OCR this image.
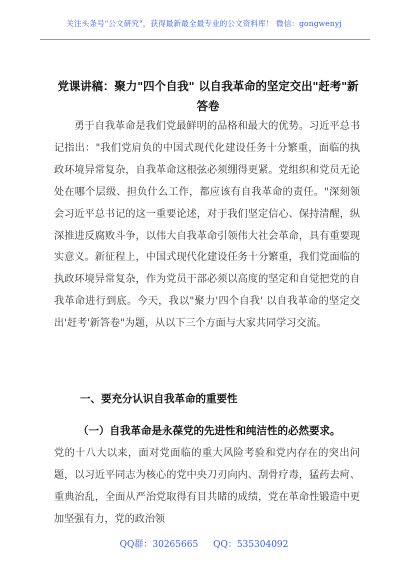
关注头条号"公文研究"，获得最新最全最专业的公文资料库！ 微信：gongwenyj
党课讲稿：聚力"四个自我" 以自我革命的坚定交出"赶考"新答卷

勇于自我革命是我们党最鲜明的品格和最大的优势。习近平总书记指出："我们党肩负的中国式现代化建设任务十分繁重，面临的执政环境异常复杂，自我革命这根弦必须绷得更紧。党组织和党员无论处在哪个层级、担负什么工作，都应该有自我革命的责任。"深刻领会习近平总书记的这一重要论述，对于我们坚定信心、保持清醒，纵深推进反腐败斗争，以伟大自我革命引领伟大社会革命，具有重要现实意义。新征程上，中国式现代化建设任务十分繁重，我们党面临的执政环境异常复杂，作为党员干部必须以高度的坚定和自觉把党的自我革命进行到底。今天，我以"聚力'四个自我' 以自我革命的坚定交出'赶考'新答卷"为题，从以下三个方面与大家共同学习交流。

一、要充分认识自我革命的重要性
（一）自我革命是永葆党的先进性和纯洁性的必然要求。

党的十八大以来，面对党面临的重大风险考验和党内存在的突出问题，以习近平同志为核心的党中央刀刃向内、刮骨疗毒，猛药去疴、重典治乱，全面从严治党取得有目共睹的成绩，党在革命性锻造中更加坚强有力，党的政治领

QQ群：30265665 QQ：535304092
